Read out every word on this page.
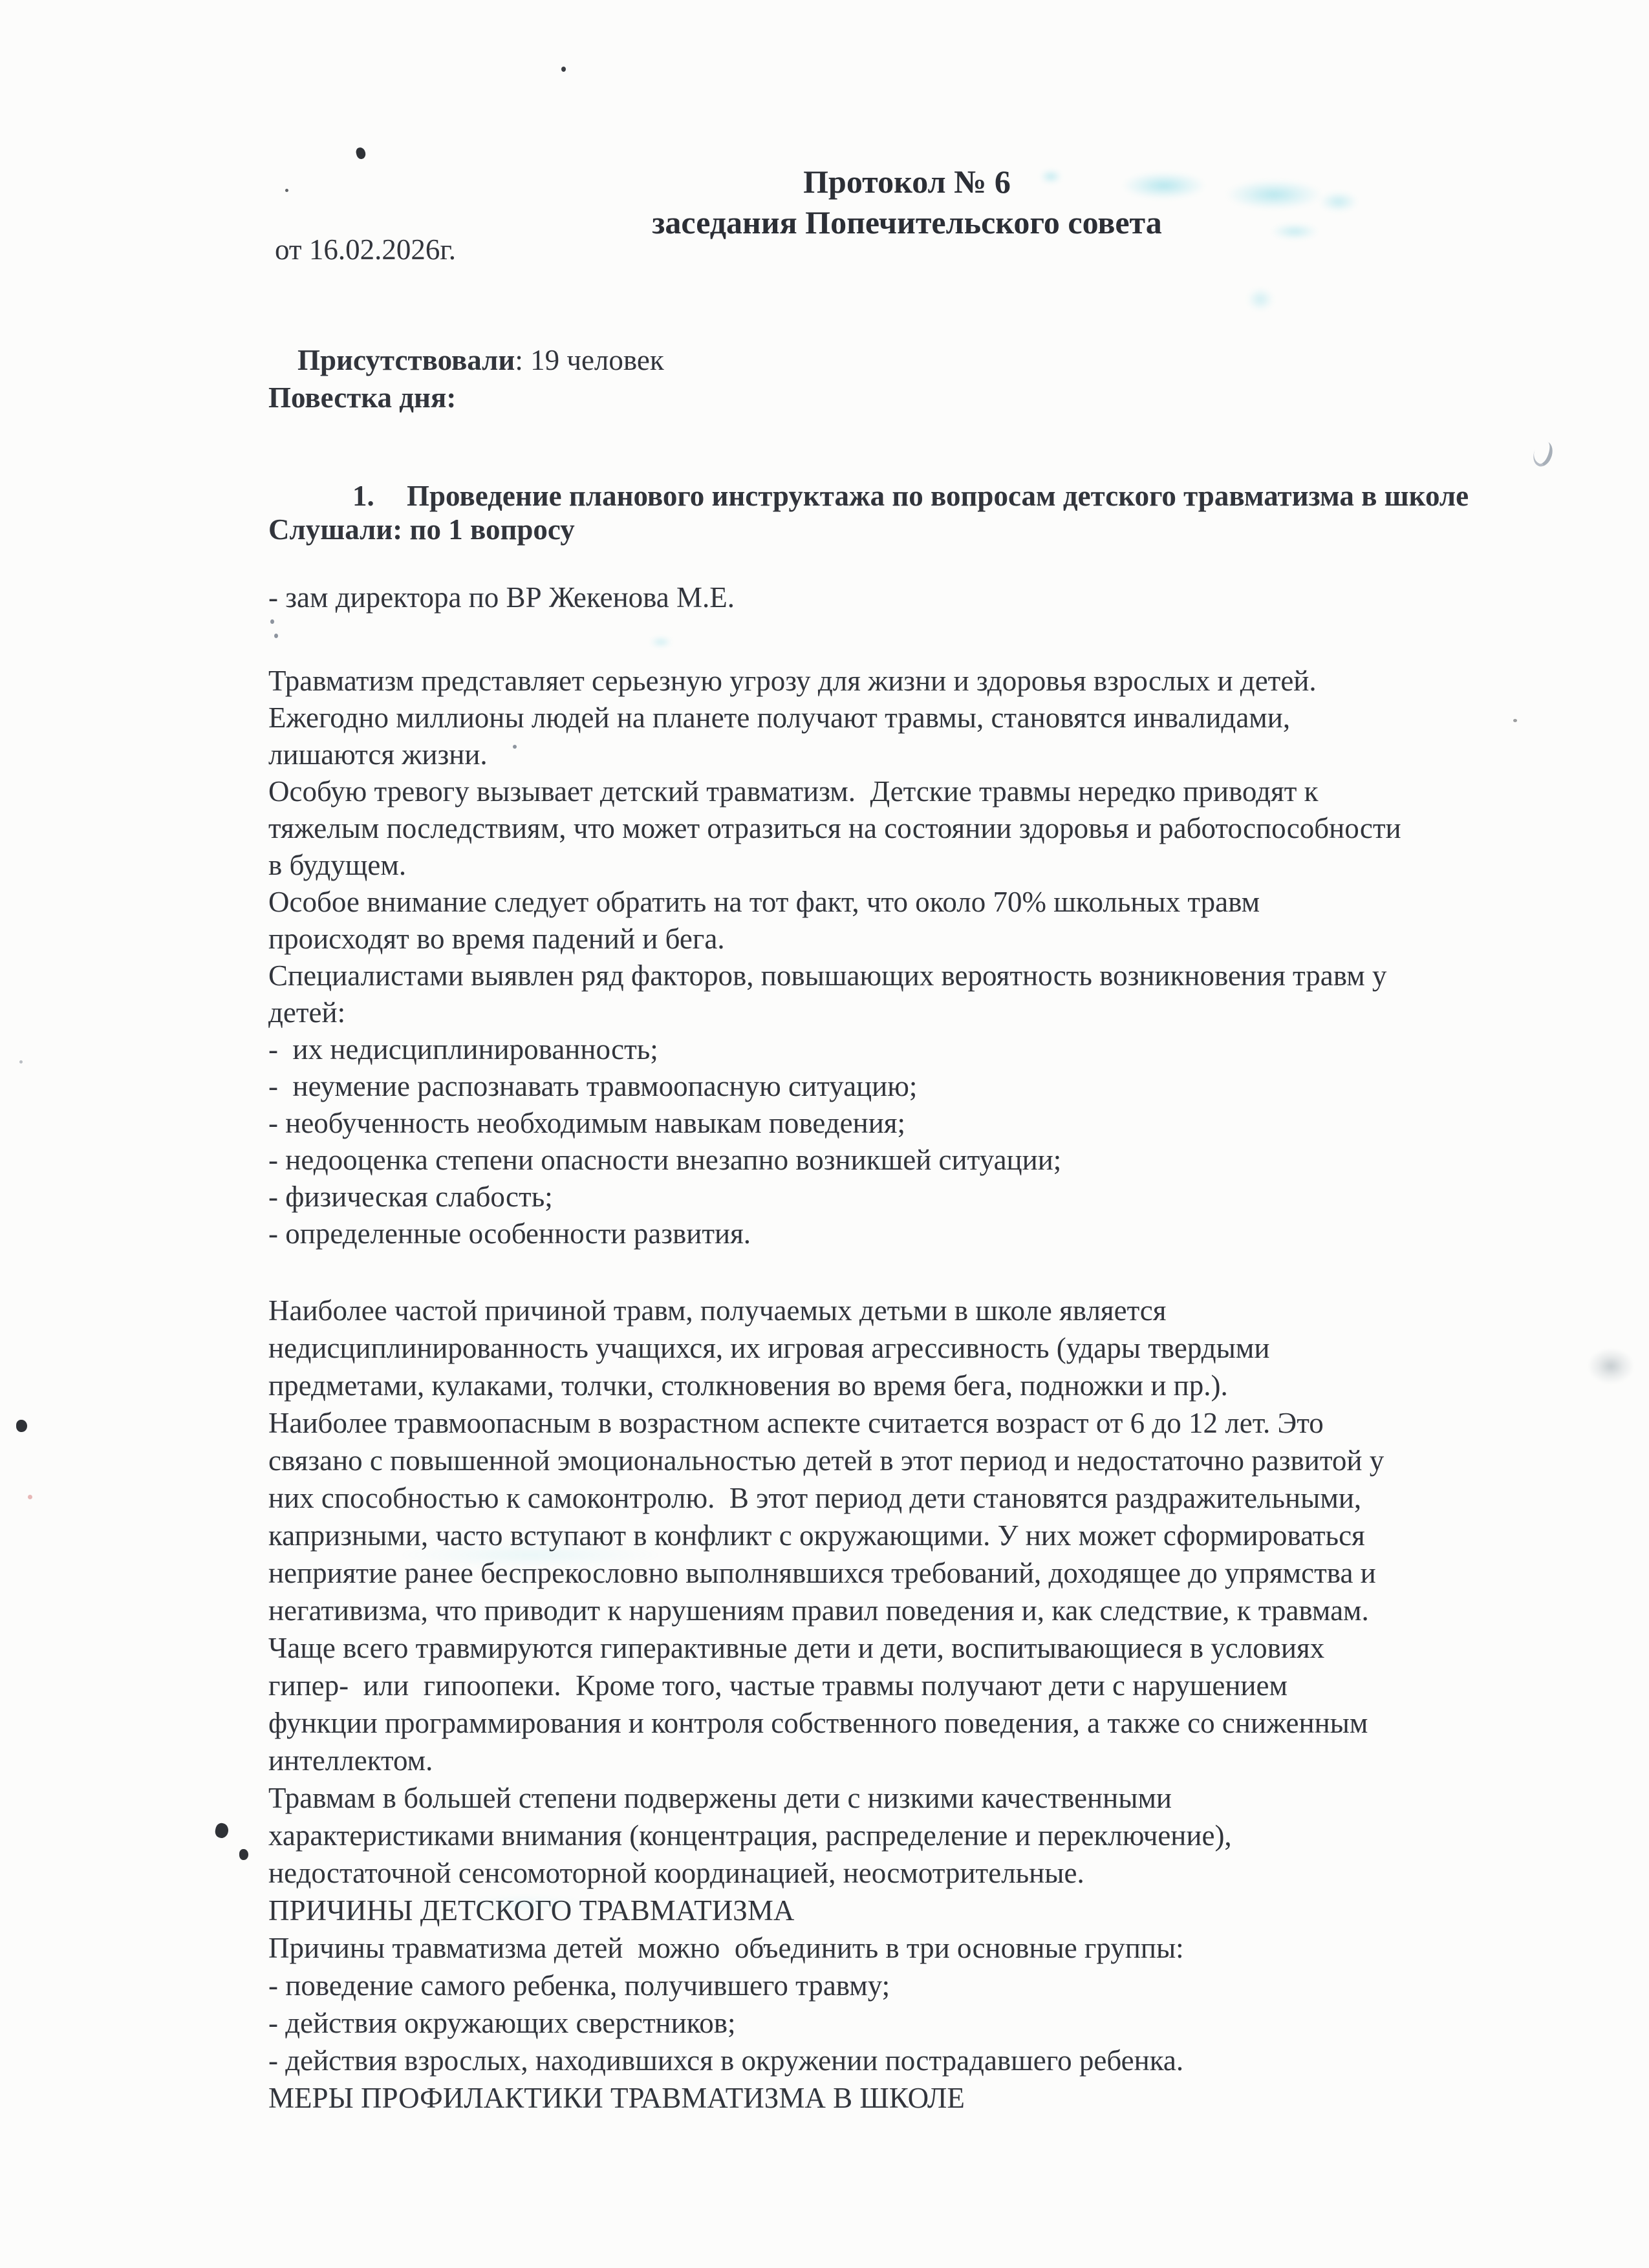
Протокол № 6
заседания Попечительского совета
от 16.02.2026г.

Присутствовали: 19 человек

Повестка дня:

1. Проведение планового инструктажа по вопросам детского травматизма в школе

Слушали: по 1 вопросу
- зам директора по ВР Жекенова М.Е.
Травматизм представляет серьезную угрозу для жизни и здоровья взрослых и детей.
Ежегодно миллионы людей на планете получают травмы, становятся инвалидами,
лишаются жизни.
Особую тревогу вызывает детский травматизм.  Детские травмы нередко приводят к
тяжелым последствиям, что может отразиться на состоянии здоровья и работоспособности
в будущем.
Особое внимание следует обратить на тот факт, что около 70% школьных травм
происходят во время падений и бега.
Специалистами выявлен ряд факторов, повышающих вероятность возникновения травм у
детей:
-  их недисциплинированность;
-  неумение распознавать травмоопасную ситуацию;
- необученность необходимым навыкам поведения;
- недооценка степени опасности внезапно возникшей ситуации;
- физическая слабость;
- определенные особенности развития.
Наиболее частой причиной травм, получаемых детьми в школе является
недисциплинированность учащихся, их игровая агрессивность (удары твердыми
предметами, кулаками, толчки, столкновения во время бега, подножки и пр.).
Наиболее травмоопасным в возрастном аспекте считается возраст от 6 до 12 лет. Это
связано с повышенной эмоциональностью детей в этот период и недостаточно развитой у
них способностью к самоконтролю.  В этот период дети становятся раздражительными,
капризными, часто вступают в конфликт с окружающими. У них может сформироваться
неприятие ранее беспрекословно выполнявшихся требований, доходящее до упрямства и
негативизма, что приводит к нарушениям правил поведения и, как следствие, к травмам.
Чаще всего травмируются гиперактивные дети и дети, воспитывающиеся в условиях
гипер-  или  гипоопеки.  Кроме того, частые травмы получают дети с нарушением
функции программирования и контроля собственного поведения, а также со сниженным
интеллектом.
Травмам в большей степени подвержены дети с низкими качественными
характеристиками внимания (концентрация, распределение и переключение),
недостаточной сенсомоторной координацией, неосмотрительные.
ПРИЧИНЫ ДЕТСКОГО ТРАВМАТИЗМА
Причины травматизма детей  можно  объединить в три основные группы:
- поведение самого ребенка, получившего травму;
- действия окружающих сверстников;
- действия взрослых, находившихся в окружении пострадавшего ребенка.
МЕРЫ ПРОФИЛАКТИКИ ТРАВМАТИЗМА В ШКОЛЕ
